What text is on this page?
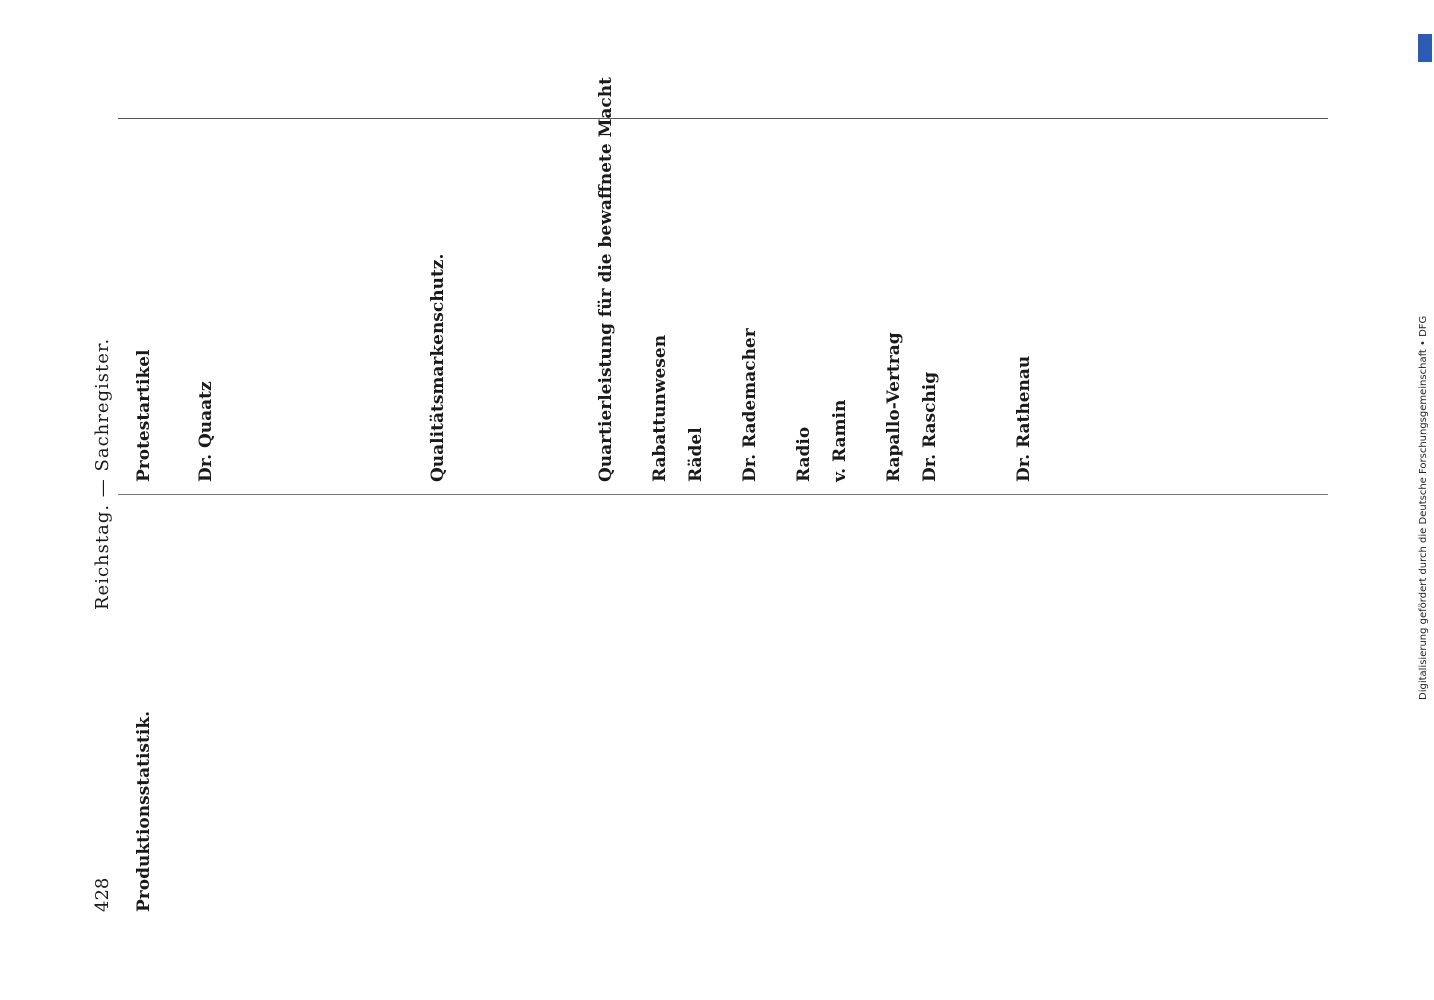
428
Reichstag. — Sachregister.
Produktionsstatistik.
Protestartikel Dr. Quaatz	Qualitätsmarkenschutz.	Quartierleistung für die bewaffnete Macht Rabattunwesen Rädel Dr. Rademacher Radio v. Ramin Rapallo-Vertrag Dr. Raschig	Dr. Rathenau	Digitalisierung gefördert durch die Deutsche Forschungsgemeinschaft • DFG
